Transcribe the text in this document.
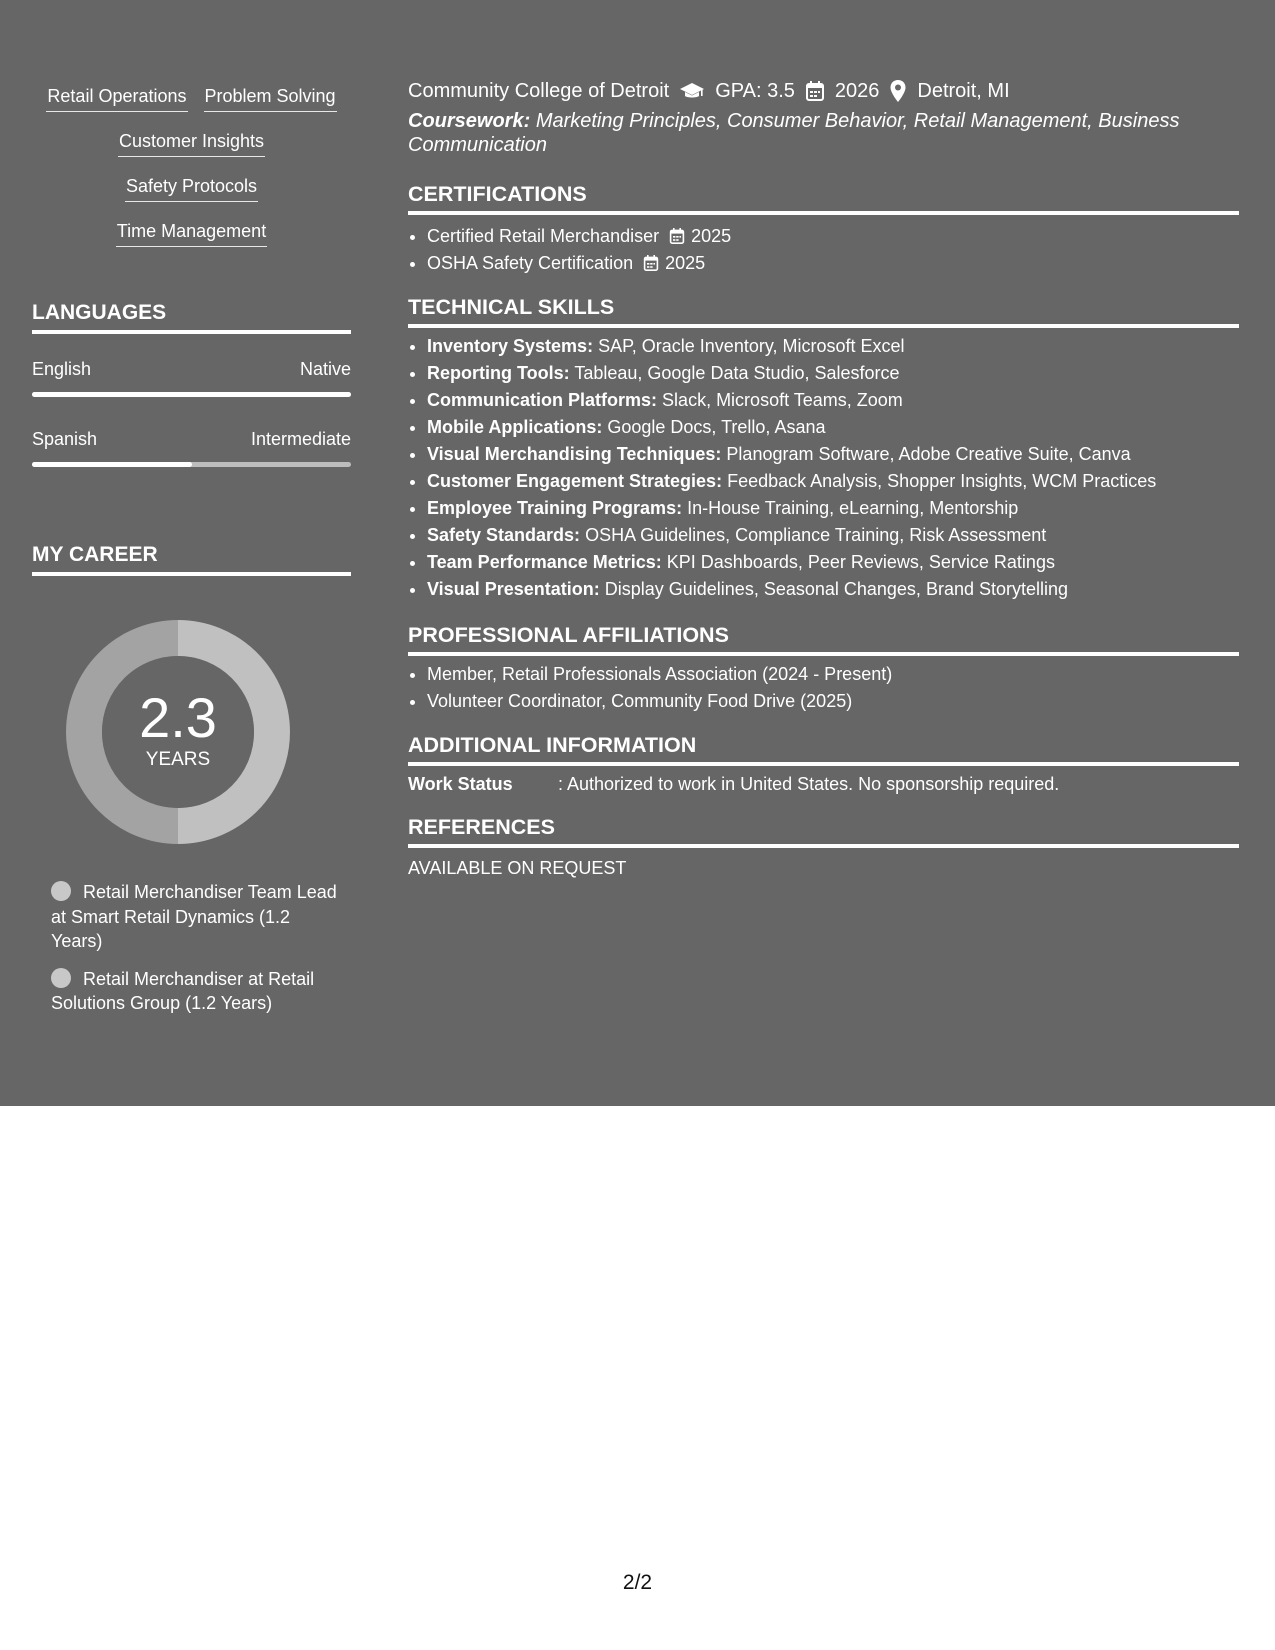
Retail Operations Problem Solving
Customer Insights
Safety Protocols
Time Management
LANGUAGES
English	Native
Spanish	Intermediate
MY CAREER
2.3
YEARS
Retail Merchandiser Team Lead at Smart Retail Dynamics (1.2 Years)
Retail Merchandiser at Retail Solutions Group (1.2 Years)
Community College of Detroit GPA: 3.5 2026 Detroit, MI
Coursework: Marketing Principles, Consumer Behavior, Retail Management, Business Communication
CERTIFICATIONS
• Certified Retail Merchandiser 2025
• OSHA Safety Certification 2025
TECHNICAL SKILLS
• Inventory Systems: SAP, Oracle Inventory, Microsoft Excel
• Reporting Tools: Tableau, Google Data Studio, Salesforce
• Communication Platforms: Slack, Microsoft Teams, Zoom
• Mobile Applications: Google Docs, Trello, Asana
• Visual Merchandising Techniques: Planogram Software, Adobe Creative Suite, Canva
• Customer Engagement Strategies: Feedback Analysis, Shopper Insights, WCM Practices
• Employee Training Programs: In-House Training, eLearning, Mentorship
• Safety Standards: OSHA Guidelines, Compliance Training, Risk Assessment
• Team Performance Metrics: KPI Dashboards, Peer Reviews, Service Ratings
• Visual Presentation: Display Guidelines, Seasonal Changes, Brand Storytelling
PROFESSIONAL AFFILIATIONS
• Member, Retail Professionals Association (2024 - Present)
• Volunteer Coordinator, Community Food Drive (2025)
ADDITIONAL INFORMATION
Work Status	: Authorized to work in United States. No sponsorship required.
REFERENCES
AVAILABLE ON REQUEST
2/2
